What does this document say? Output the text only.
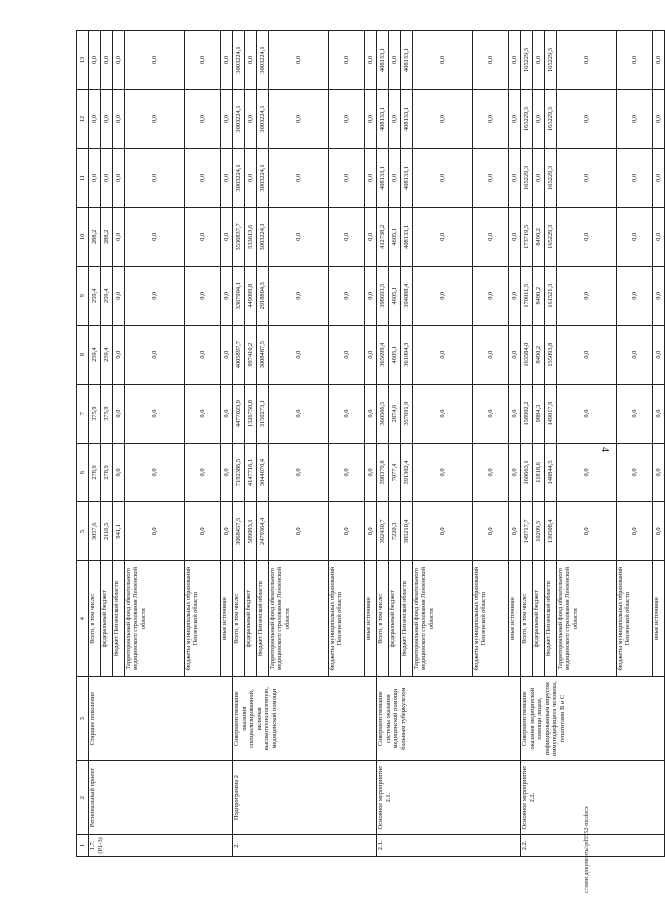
4
1	2	3	4	5	6	7	8	9	10	11	12	13

1.7. (Р1-3)	Региональный проект	Старшее поколение	Всего, в том числе:	3057,6	278,9	375,9	259,4	259,4	288,2	0,0	0,0	0,0
			федеральный бюджет	2116,5	278,9	375,9	259,4	259,4	288,2	0,0	0,0	0,0
			бюджет Пензенской области	941,1	0,0	0,0	0,0	0,0	0,0	0,0	0,0	0,0
			Территориальный фонд обязательного медицинского страхования Пензенской области	0,0	0,0	0,0	0,0	0,0	0,0	0,0	0,0	0,0
			бюджеты муниципальных образований Пензенской области	0,0	0,0	0,0	0,0	0,0	0,0	0,0	0,0	0,0
			иные источники	0,0	0,0	0,0	0,0	0,0	0,0	0,0	0,0	0,0

2.	Подпрограмма 2	Совершенствование оказания специализированной, включая высокотехнологичную, медицинской помощи	Всего, в том числе:	3068457,5	7192386,5	4477023,9	4005897,7	3367904,1	3536837,7	3003224,1	3003224,1	3003224,1
			федеральный бюджет	589093,1	4147716,1	1326750,8	997410,2	449099,8	533613,6	0,0	0,0	0,0
			бюджет Пензенской области	2479364,4	3044670,4	3150273,1	3008487,5	2918804,3	3003224,1	3003224,1	3003224,1	3003224,1
			Территориальный фонд обязательного медицинского страхования Пензенской области	0,0	0,0	0,0	0,0	0,0	0,0	0,0	0,0	0,0
			бюджеты муниципальных образований Пензенской области	0,0	0,0	0,0	0,0	0,0	0,0	0,0	0,0	0,0
			иные источники	0,0	0,0	0,0	0,0	0,0	0,0	0,0	0,0	0,0

2.1.	Основное мероприятие 2.1.	Совершенствование системы оказания медицинской помощи больным туберкулезом	Всего, в том числе:	392430,7	398379,8	360566,5	365699,4	398693,5	412738,2	408133,1	408133,1	408133,1
			федеральный бюджет	7220,3	7077,4	2874,6	4605,1	4605,1	4605,1	0,0	0,0	0,0
			бюджет Пензенской области	385210,4	391302,4	357691,9	361094,3	394088,4	408133,1	408133,1	408133,1	408133,1
			Территориальный фонд обязательного медицинского страхования Пензенской области	0,0	0,0	0,0	0,0	0,0	0,0	0,0	0,0	0,0
			бюджеты муниципальных образований Пензенской области	0,0	0,0	0,0	0,0	0,0	0,0	0,0	0,0	0,0
			иные источники	0,0	0,0	0,0	0,0	0,0	0,0	0,0	0,0	0,0

2.2.	Основное мероприятие 2.2.	Совершенствование оказания медицинской помощи лицам, инфицированным вирусом иммунодефицита человека, гепатитами В и С	Всего, в том числе:	149717,7	160663,1	158902,2	163584,0	170011,5	173719,5	165229,3	165229,3	165229,3
			федеральный бюджет	10209,3	11818,6	9884,3	8490,2	8490,2	8490,2	0,0	0,0	0,0
			бюджет Пензенской области	139508,4	148844,5	149017,9	155093,8	161521,3	165229,3	165229,3	165229,3	165229,3
			Территориальный фонд обязательного медицинского страхования Пензенской области	0,0	0,0	0,0	0,0	0,0	0,0	0,0	0,0	0,0
			бюджеты муниципальных образований Пензенской области	0,0	0,0	0,0	0,0	0,0	0,0	0,0	0,0	0,0
			иные источники	0,0	0,0	0,0	0,0	0,0	0,0	0,0	0,0	0,0
c:\мои документы\pd5552-пп.docx
